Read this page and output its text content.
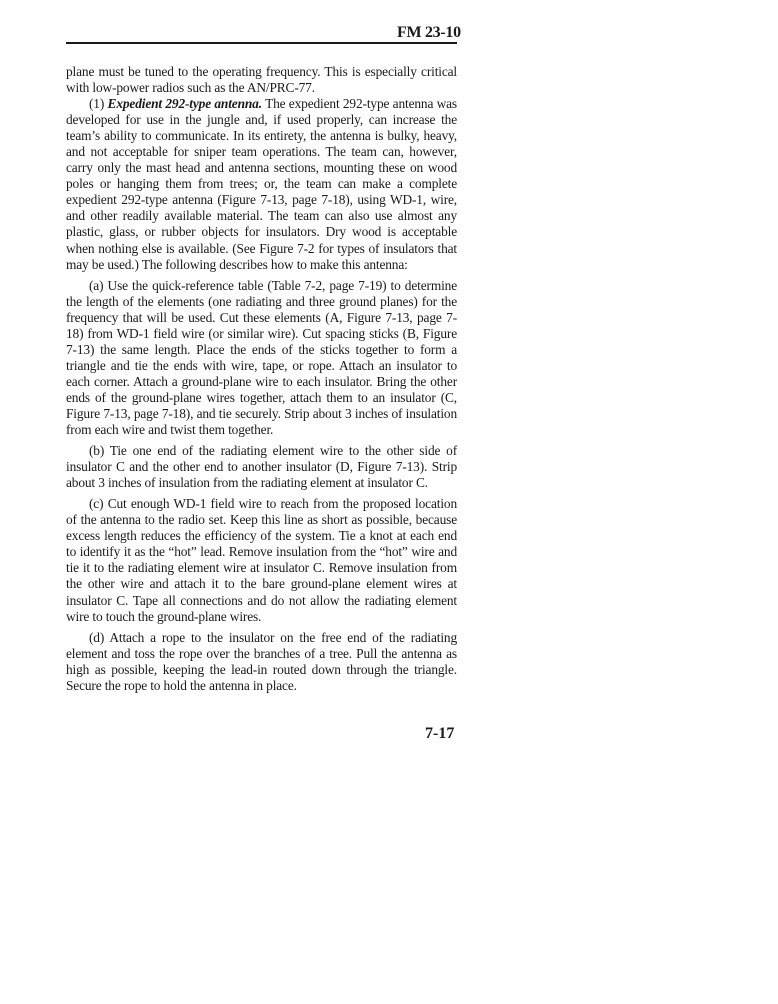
FM 23-10

plane must be tuned to the operating frequency. This is especially critical with low-power radios such as the AN/PRC-77.

(1) Expedient 292-type antenna. The expedient 292-type antenna was developed for use in the jungle and, if used properly, can increase the team’s ability to communicate. In its entirety, the antenna is bulky, heavy, and not acceptable for sniper team operations. The team can, however, carry only the mast head and antenna sections, mounting these on wood poles or hanging them from trees; or, the team can make a complete expedient 292-type antenna (Figure 7-13, page 7-18), using WD-1, wire, and other readily available material. The team can also use almost any plastic, glass, or rubber objects for insulators. Dry wood is acceptable when nothing else is available. (See Figure 7-2 for types of insulators that may be used.) The following describes how to make this antenna:

(a) Use the quick-reference table (Table 7-2, page 7-19) to determine the length of the elements (one radiating and three ground planes) for the frequency that will be used. Cut these elements (A, Figure 7-13, page 7-18) from WD-1 field wire (or similar wire). Cut spacing sticks (B, Figure 7-13) the same length. Place the ends of the sticks together to form a triangle and tie the ends with wire, tape, or rope. Attach an insulator to each corner. Attach a ground-plane wire to each insulator. Bring the other ends of the ground-plane wires together, attach them to an insulator (C, Figure 7-13, page 7-18), and tie securely. Strip about 3 inches of insulation from each wire and twist them together.

(b) Tie one end of the radiating element wire to the other side of insulator C and the other end to another insulator (D, Figure 7-13). Strip about 3 inches of insulation from the radiating element at insulator C.

(c) Cut enough WD-1 field wire to reach from the proposed location of the antenna to the radio set. Keep this line as short as possible, because excess length reduces the efficiency of the system. Tie a knot at each end to identify it as the “hot” lead. Remove insulation from the “hot” wire and tie it to the radiating element wire at insulator C. Remove insulation from the other wire and attach it to the bare ground-plane element wires at insulator C. Tape all connections and do not allow the radiating element wire to touch the ground-plane wires.

(d) Attach a rope to the insulator on the free end of the radiating element and toss the rope over the branches of a tree. Pull the antenna as high as possible, keeping the lead-in routed down through the triangle. Secure the rope to hold the antenna in place.

7-17
